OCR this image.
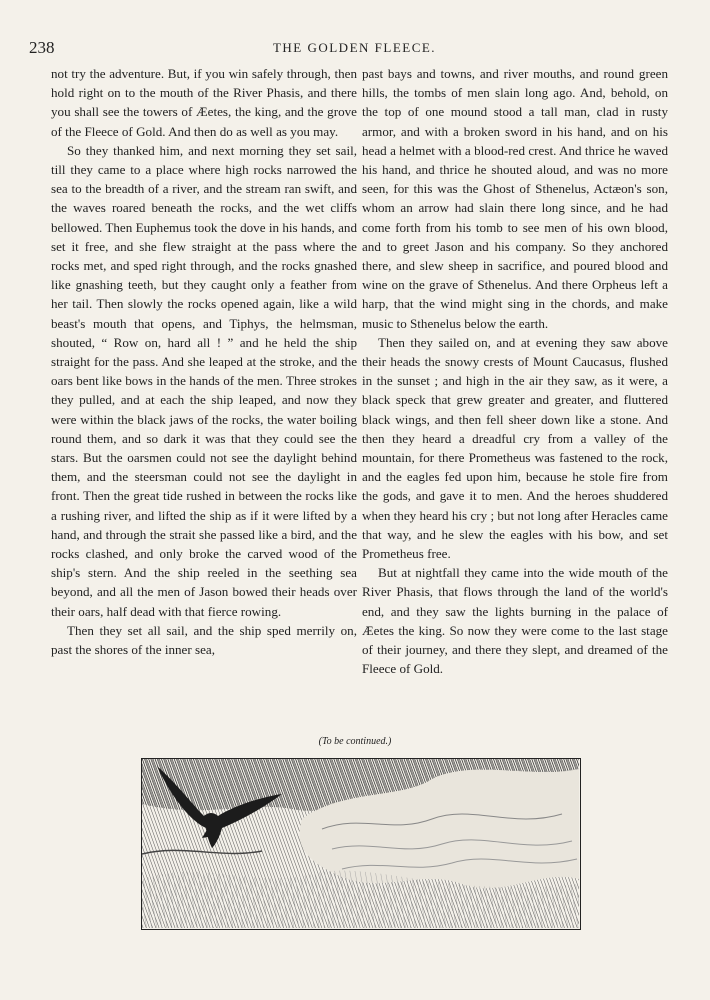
238	THE GOLDEN FLEECE.

not try the adventure. But, if you win safely through, then hold right on to the mouth of the River Phasis, and there you shall see the towers of Æetes, the king, and the grove of the Fleece of Gold. And then do as well as you may.

So they thanked him, and next morning they set sail, till they came to a place where high rocks narrowed the sea to the breadth of a river, and the stream ran swift, and the waves roared beneath the rocks, and the wet cliffs bellowed. Then Euphemus took the dove in his hands, and set it free, and she flew straight at the pass where the rocks met, and sped right through, and the rocks gnashed like gnashing teeth, but they caught only a feather from her tail. Then slowly the rocks opened again, like a wild beast's mouth that opens, and Tiphys, the helmsman, shouted, “ Row on, hard all ! ” and he held the ship straight for the pass. And she leaped at the stroke, and the oars bent like bows in the hands of the men. Three strokes they pulled, and at each the ship leaped, and now they were within the black jaws of the rocks, the water boiling round them, and so dark it was that they could see the stars. But the oarsmen could not see the daylight behind them, and the steersman could not see the daylight in front. Then the great tide rushed in between the rocks like a rushing river, and lifted the ship as if it were lifted by a hand, and through the strait she passed like a bird, and the rocks clashed, and only broke the carved wood of the ship's stern. And the ship reeled in the seething sea beyond, and all the men of Jason bowed their heads over their oars, half dead with that fierce rowing.

Then they set all sail, and the ship sped merrily on, past the shores of the inner sea,

past bays and towns, and river mouths, and round green hills, the tombs of men slain long ago. And, behold, on the top of one mound stood a tall man, clad in rusty armor, and with a broken sword in his hand, and on his head a helmet with a blood-red crest. And thrice he waved his hand, and thrice he shouted aloud, and was no more seen, for this was the Ghost of Sthenelus, Actæon's son, whom an arrow had slain there long since, and he had come forth from his tomb to see men of his own blood, and to greet Jason and his company. So they anchored there, and slew sheep in sacrifice, and poured blood and wine on the grave of Sthenelus. And there Orpheus left a harp, that the wind might sing in the chords, and make music to Sthenelus below the earth.

Then they sailed on, and at evening they saw above their heads the snowy crests of Mount Caucasus, flushed in the sunset ; and high in the air they saw, as it were, a black speck that grew greater and greater, and fluttered black wings, and then fell sheer down like a stone. And then they heard a dreadful cry from a valley of the mountain, for there Prometheus was fastened to the rock, and the eagles fed upon him, because he stole fire from the gods, and gave it to men. And the heroes shuddered when they heard his cry ; but not long after Heracles came that way, and he slew the eagles with his bow, and set Prometheus free.

But at nightfall they came into the wide mouth of the River Phasis, that flows through the land of the world's end, and they saw the lights burning in the palace of Æetes the king. So now they were come to the last stage of their journey, and there they slept, and dreamed of the Fleece of Gold.

(To be continued.)
